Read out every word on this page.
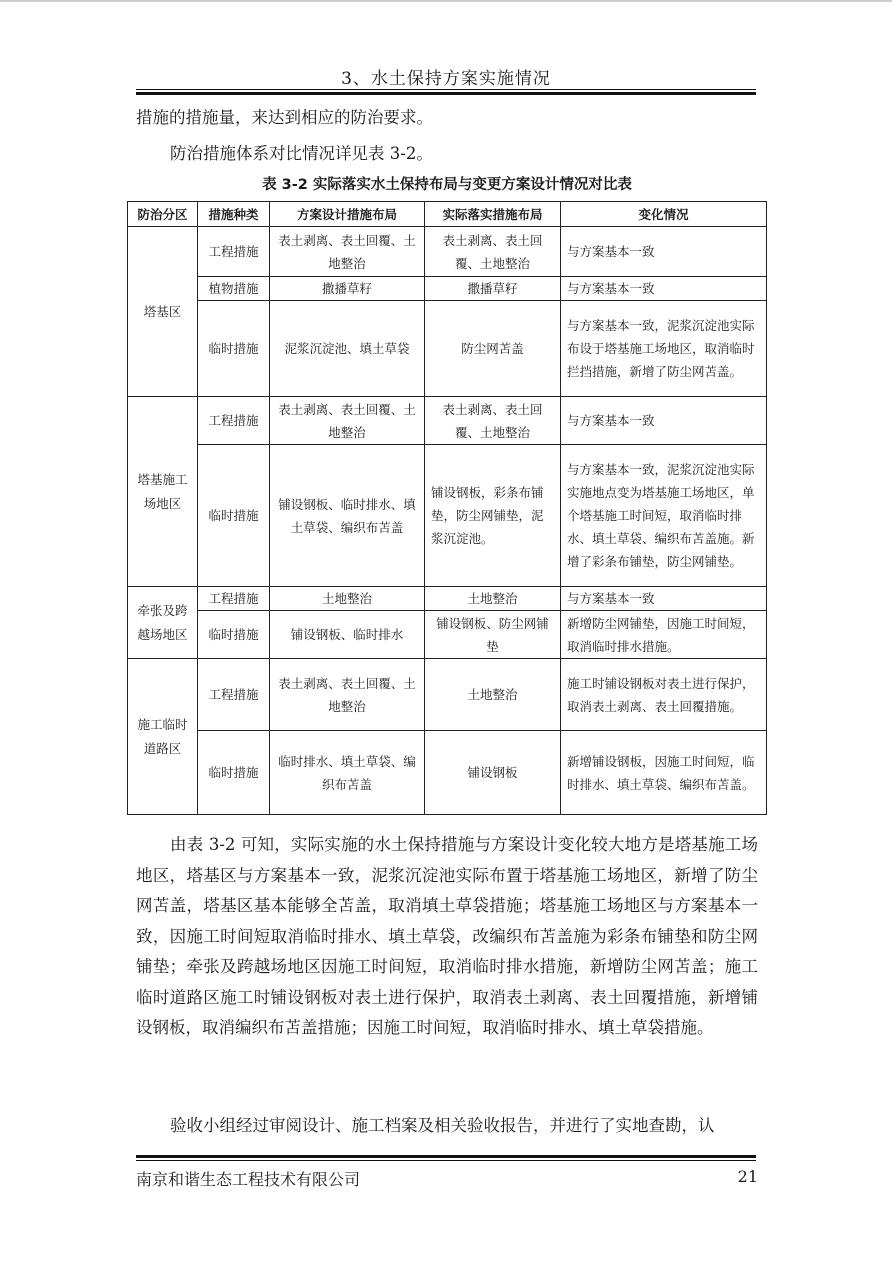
3、水土保持方案实施情况

措施的措施量，来达到相应的防治要求。

防治措施体系对比情况详见表 3-2。

表 3-2 实际落实水土保持布局与变更方案设计情况对比表
防治分区	措施种类	方案设计措施布局	实际落实措施布局	变化情况
塔基区	工程措施	表土剥离、表土回覆、土地整治	表土剥离、表土回覆、土地整治	与方案基本一致
	植物措施	撒播草籽	撒播草籽	与方案基本一致
	临时措施	泥浆沉淀池、填土草袋	防尘网苫盖	与方案基本一致，泥浆沉淀池实际布设于塔基施工场地区，取消临时拦挡措施，新增了防尘网苫盖。
塔基施工场地区	工程措施	表土剥离、表土回覆、土地整治	表土剥离、表土回覆、土地整治	与方案基本一致
	临时措施	铺设钢板、临时排水、填土草袋、编织布苫盖	铺设钢板，彩条布铺垫，防尘网铺垫，泥浆沉淀池。	与方案基本一致，泥浆沉淀池实际实施地点变为塔基施工场地区，单个塔基施工时间短，取消临时排水、填土草袋、编织布苫盖施。新增了彩条布铺垫，防尘网铺垫。
牵张及跨越场地区	工程措施	土地整治	土地整治	与方案基本一致
	临时措施	铺设钢板、临时排水	铺设钢板、防尘网铺垫	新增防尘网铺垫，因施工时间短，取消临时排水措施。
施工临时道路区	工程措施	表土剥离、表土回覆、土地整治	土地整治	施工时铺设钢板对表土进行保护，取消表土剥离、表土回覆措施。
	临时措施	临时排水、填土草袋、编织布苫盖	铺设钢板	新增铺设钢板，因施工时间短，临时排水、填土草袋、编织布苫盖。

由表 3-2 可知，实际实施的水土保持措施与方案设计变化较大地方是塔基施工场地区，塔基区与方案基本一致，泥浆沉淀池实际布置于塔基施工场地区，新增了防尘网苫盖，塔基区基本能够全苫盖，取消填土草袋措施；塔基施工场地区与方案基本一致，因施工时间短取消临时排水、填土草袋，改编织布苫盖施为彩条布铺垫和防尘网铺垫；牵张及跨越场地区因施工时间短，取消临时排水措施，新增防尘网苫盖；施工临时道路区施工时铺设钢板对表土进行保护，取消表土剥离、表土回覆措施，新增铺设钢板，取消编织布苫盖措施；因施工时间短，取消临时排水、填土草袋措施。

验收小组经过审阅设计、施工档案及相关验收报告，并进行了实地查勘，认

南京和谐生态工程技术有限公司	21
